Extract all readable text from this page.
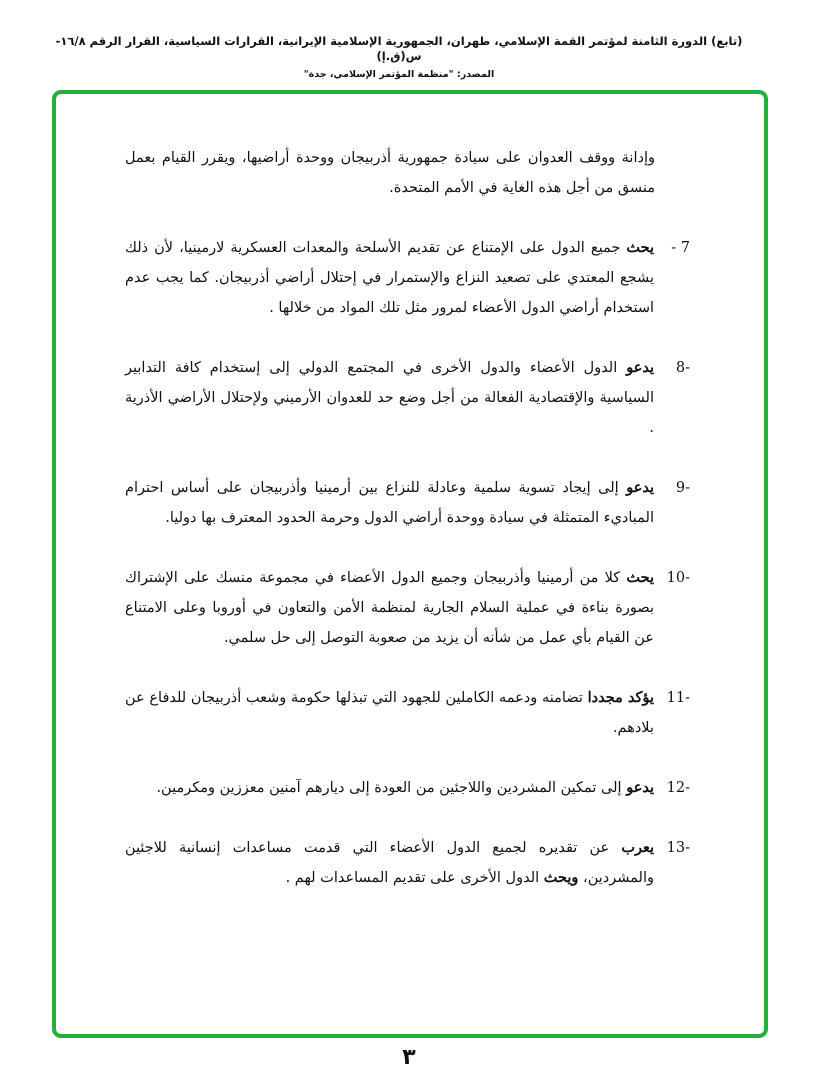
(تابع) الدورة الثامنة لمؤتمر القمة الإسلامي، طهران، الجمهورية الإسلامية الإيرانية، القرارات السياسية، القرار الرقم ١٦/٨-س(ق.إ)
المصدر: "منظمة المؤتمر الإسلامي، جدة"
وإدانة ووقف العدوان على سيادة جمهورية أذربيجان ووحدة أراضيها، ويقرر القيام بعمل منسق من أجل هذه الغاية في الأمم المتحدة.
7 -
يحث جميع الدول على الإمتناع عن تقديم الأسلحة والمعدات العسكرية لارمينيا، لأن ذلك يشجع المعتدي على تصعيد النزاع والإستمرار في إحتلال أراضي أذربيجان. كما يجب عدم استخدام أراضي الدول الأعضاء لمرور مثل تلك المواد من خلالها .
-8
يدعو الدول الأعضاء والدول الأخرى في المجتمع الدولي إلى إستخدام كافة التدابير السياسية والإقتصادية الفعالة من أجل وضع حد للعدوان الأرميني ولإحتلال الأراضي الأذرية .
-9
يدعو إلى إيجاد تسوية سلمية وعادلة للنزاع بين أرمينيا وأذربيجان على أساس احترام المباديء المتمثلة في سيادة ووحدة أراضي الدول وحرمة الحدود المعترف بها دوليا.
-10
يحث كلا من أرمينيا وأذربيجان وجميع الدول الأعضاء في مجموعة منسك على الإشتراك بصورة بناءة في عملية السلام الجارية لمنظمة الأمن والتعاون في أوروبا وعلى الامتناع عن القيام بأي عمل من شأنه أن يزيد من صعوبة التوصل إلى حل سلمي.
-11
يؤكد مجددا تضامنه ودعمه الكاملين للجهود التي تبذلها حكومة وشعب أذربيجان للدفاع عن بلادهم.
-12
يدعو إلى تمكين المشردين واللاجئين من العودة إلى ديارهم آمنين معززين ومكرمين.
-13
يعرب عن تقديره لجميع الدول الأعضاء التي قدمت مساعدات إنسانية للاجئين والمشردين، ويحث الدول الأخرى على تقديم المساعدات لهم .
٣
